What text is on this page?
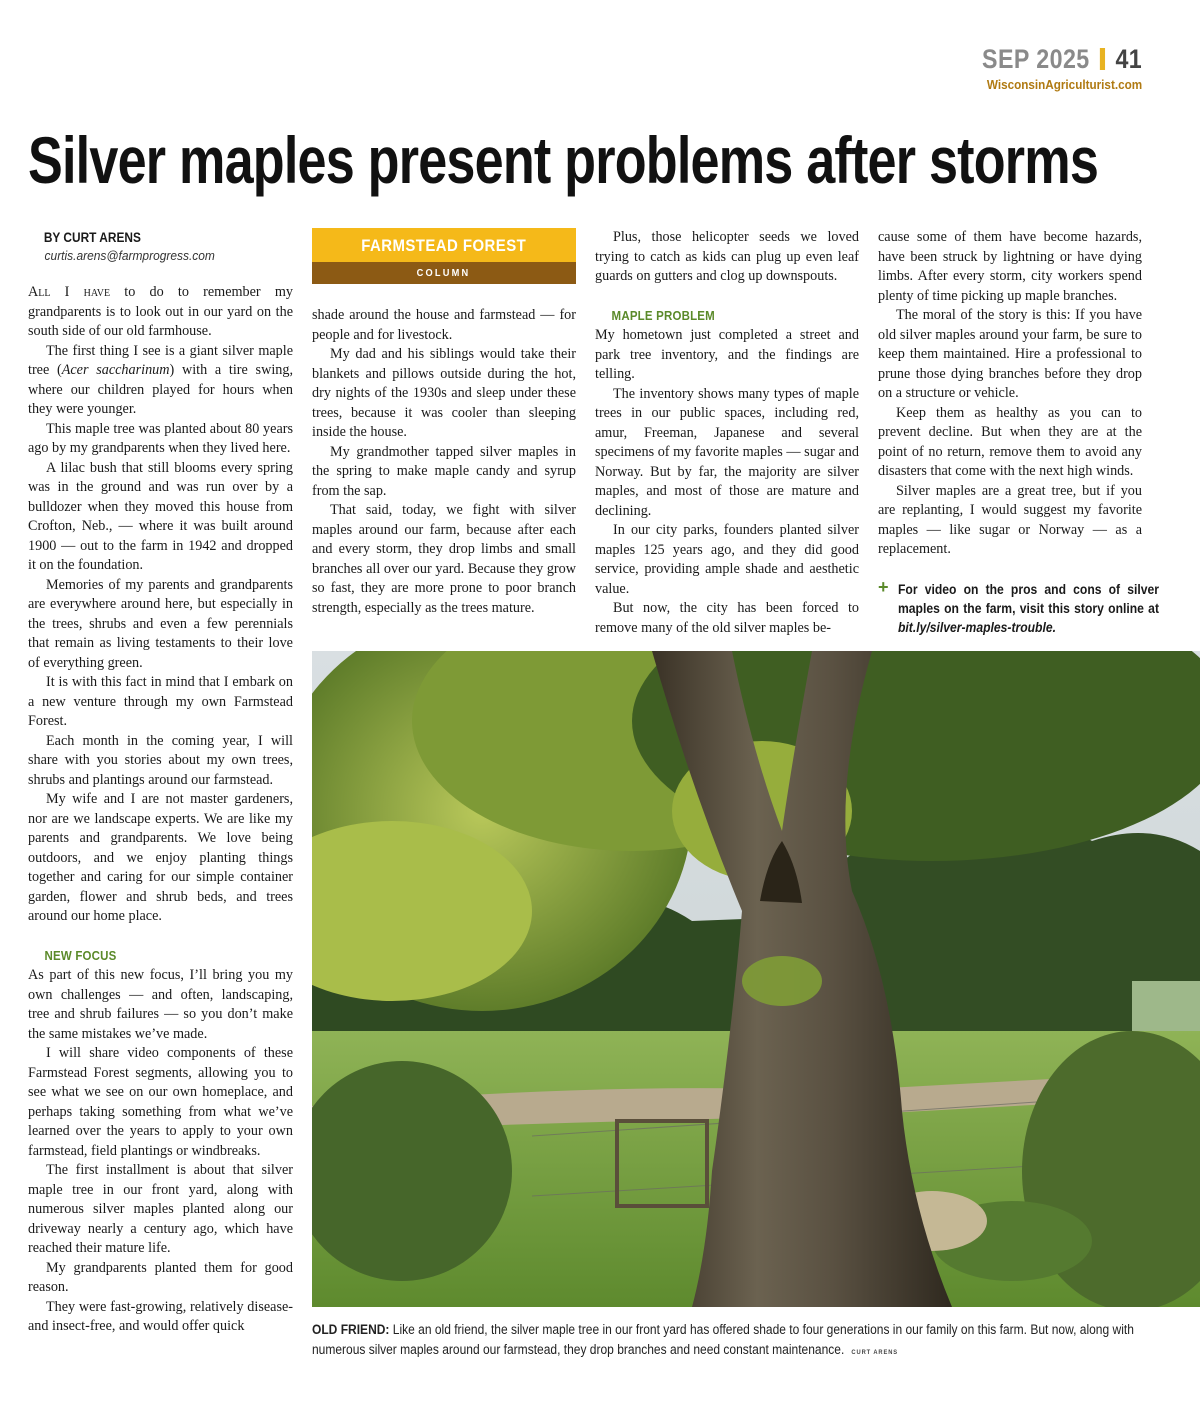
SEP 2025 41
WisconsinAgriculturist.com
Silver maples present problems after storms

BY CURT ARENS

curtis.arens@farmprogress.com

All I have to do to remember my grandparents is to look out in our yard on the south side of our old farmhouse.

The first thing I see is a giant silver maple tree (Acer saccharinum) with a tire swing, where our children played for hours when they were younger.

This maple tree was planted about 80 years ago by my grandparents when they lived here.

A lilac bush that still blooms every spring was in the ground and was run over by a bulldozer when they moved this house from Crofton, Neb., — where it was built around 1900 — out to the farm in 1942 and dropped it on the foundation.

Memories of my parents and grandparents are everywhere around here, but especially in the trees, shrubs and even a few perennials that remain as living testaments to their love of everything green.

It is with this fact in mind that I embark on a new venture through my own Farmstead Forest.

Each month in the coming year, I will share with you stories about my own trees, shrubs and plantings around our farmstead.

My wife and I are not master gardeners, nor are we landscape experts. We are like my parents and grandparents. We love being outdoors, and we enjoy planting things together and caring for our simple container garden, flower and shrub beds, and trees around our home place.

NEW FOCUS

As part of this new focus, I’ll bring you my own challenges — and often, landscaping, tree and shrub failures — so you don’t make the same mistakes we’ve made.

I will share video components of these Farmstead Forest segments, allowing you to see what we see on our own homeplace, and perhaps taking something from what we’ve learned over the years to apply to your own farmstead, field plantings or windbreaks.

The first installment is about that silver maple tree in our front yard, along with numerous silver maples planted along our driveway nearly a century ago, which have reached their mature life.

My grandparents planted them for good reason.

They were fast-growing, relatively disease- and insect-free, and would offer quick

FARMSTEAD FOREST
COLUMN

shade around the house and farmstead — for people and for livestock.

My dad and his siblings would take their blankets and pillows outside during the hot, dry nights of the 1930s and sleep under these trees, because it was cooler than sleeping inside the house.

My grandmother tapped silver maples in the spring to make maple candy and syrup from the sap.

That said, today, we fight with silver maples around our farm, because after each and every storm, they drop limbs and small branches all over our yard. Because they grow so fast, they are more prone to poor branch strength, especially as the trees mature.

Plus, those helicopter seeds we loved trying to catch as kids can plug up even leaf guards on gutters and clog up downspouts.

MAPLE PROBLEM

My hometown just completed a street and park tree inventory, and the findings are telling.

The inventory shows many types of maple trees in our public spaces, including red, amur, Freeman, Japanese and several specimens of my favorite maples — sugar and Norway. But by far, the majority are silver maples, and most of those are mature and declining.

In our city parks, founders planted silver maples 125 years ago, and they did good service, providing ample shade and aesthetic value.

But now, the city has been forced to remove many of the old silver maples be-

cause some of them have become hazards, have been struck by lightning or have dying limbs. After every storm, city workers spend plenty of time picking up maple branches.

The moral of the story is this: If you have old silver maples around your farm, be sure to keep them maintained. Hire a professional to prune those dying branches before they drop on a structure or vehicle.

Keep them as healthy as you can to prevent decline. But when they are at the point of no return, remove them to avoid any disasters that come with the next high winds.

Silver maples are a great tree, but if you are replanting, I would suggest my favorite maples — like sugar or Norway — as a replacement.

+ For video on the pros and cons of silver maples on the farm, visit this story online at bit.ly/silver-maples-trouble.
OLD FRIEND: Like an old friend, the silver maple tree in our front yard has offered shade to four generations in our family on this farm. But now, along with numerous silver maples around our farmstead, they drop branches and need constant maintenance. CURT ARENS
